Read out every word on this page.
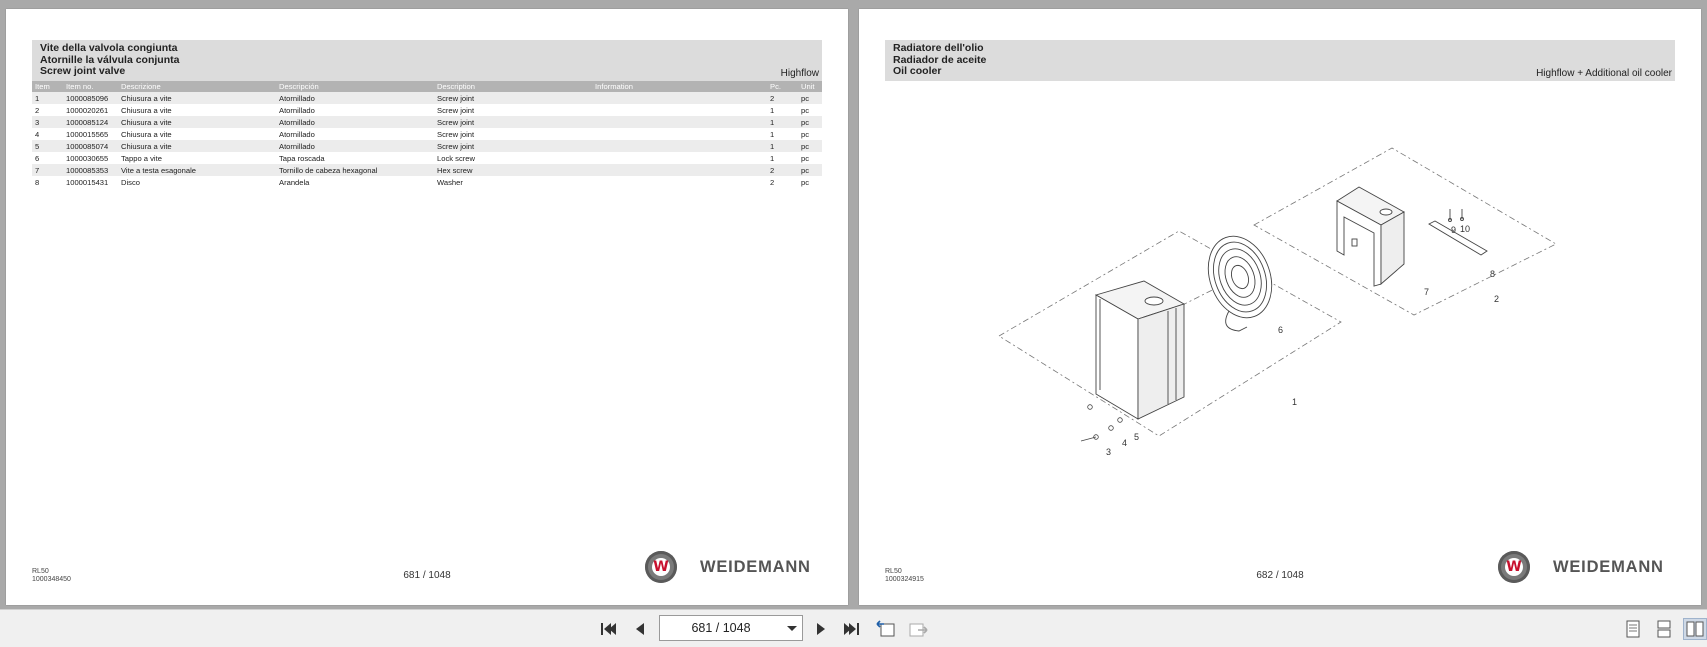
Vite della valvola congiunta
Atornille la válvula conjunta
Screw joint valve	Highflow
Item	Item no.	Descrizione	Descripción	Description	Information	Pc.	Unit
1	1000085096	Chiusura a vite	Atornillado	Screw joint		2	pc
2	1000020261	Chiusura a vite	Atornillado	Screw joint		1	pc
3	1000085124	Chiusura a vite	Atornillado	Screw joint		1	pc
4	1000015565	Chiusura a vite	Atornillado	Screw joint		1	pc
5	1000085074	Chiusura a vite	Atornillado	Screw joint		1	pc
6	1000030655	Tappo a vite	Tapa roscada	Lock screw		1	pc
7	1000085353	Vite a testa esagonale	Tornillo de cabeza hexagonal	Hex screw		2	pc
8	1000015431	Disco	Arandela	Washer		2	pc
RL50
1000348450	681 / 1048
W WEIDEMANN
Radiatore dell'olio
Radiador de aceite
Oil cooler	Highflow + Additional oil cooler
1
2
3
4
5
6
7
8
9 10
RL50
1000324915	682 / 1048
W WEIDEMANN
681 / 1048
